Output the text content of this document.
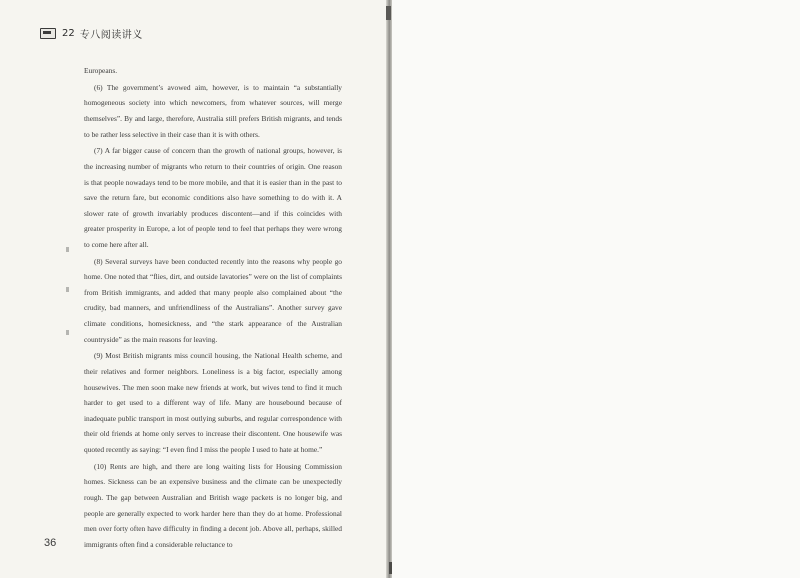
22 专八阅读讲义

Europeans.

(6) The government’s avowed aim, however, is to maintain “a substantially homogeneous society into which newcomers, from whatever sources, will merge themselves”. By and large, therefore, Australia still prefers British migrants, and tends to be rather less selective in their case than it is with others.

(7) A far bigger cause of concern than the growth of national groups, however, is the increasing number of migrants who return to their countries of origin. One reason is that people nowadays tend to be more mobile, and that it is easier than in the past to save the return fare, but economic conditions also have something to do with it. A slower rate of growth invariably produces discontent—and if this coincides with greater prosperity in Europe, a lot of people tend to feel that perhaps they were wrong to come here after all.

(8) Several surveys have been conducted recently into the reasons why people go home. One noted that “flies, dirt, and outside lavatories” were on the list of complaints from British immigrants, and added that many people also complained about “the crudity, bad manners, and unfriendliness of the Australians”. Another survey gave climate conditions, homesickness, and “the stark appearance of the Australian countryside” as the main reasons for leaving.

(9) Most British migrants miss council housing, the National Health scheme, and their relatives and former neighbors. Loneliness is a big factor, especially among housewives. The men soon make new friends at work, but wives tend to find it much harder to get used to a different way of life. Many are housebound because of inadequate public transport in most outlying suburbs, and regular correspondence with their old friends at home only serves to increase their discontent. One housewife was quoted recently as saying: “I even find I miss the people I used to hate at home.”

(10) Rents are high, and there are long waiting lists for Housing Commission homes. Sickness can be an expensive business and the climate can be unexpectedly rough. The gap between Australian and British wage packets is no longer big, and people are generally expected to work harder here than they do at home. Professional men over forty often have difficulty in finding a decent job. Above all, perhaps, skilled immigrants often find a considerable reluctance to

36
